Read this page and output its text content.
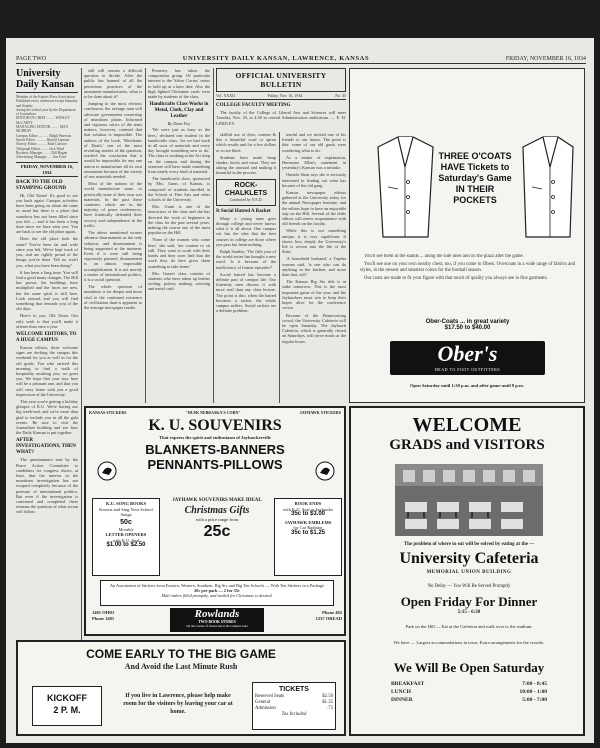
PAGE TWO	UNIVERSITY DAILY KANSAN, LAWRENCE, KANSAS	FRIDAY, NOVEMBER 16, 1934
University Daily Kansan
Member of the Kansas Press Association
Published every afternoon except Saturday and Sunday
during the school year by the Department of Journalism
EDITOR-IN-CHIEF ......... WESLEY McCARTY
MANAGING EDITOR ......... MAX MURRAY
Campus Editor ........... Ralph Paterson
Sports Editor ........... Harold Lamson
Society Editor .......... Ruth Carlson
Telegraph Editor ........ Jack Ward
Business Manager ........ Bill Hagen
Advertising Manager ..... Jim Ford
FRIDAY, NOVEMBER 16, 1934
BACK TO THE OLD STAMPING GROUND
Hi, Old Timer! It's good to see you back again. Campus activities have been going on about the same as usual but there is a place that somehow has not been filled since you left — and it has been a long time since we have seen you. You are back to see the old place again.
Does the old place look the same? You've been far and wide since you left. We've kept track of you, and are rightly proud of the things you've done. Tell us, won't you, what you have been doing?
It has been a long time. You will find a good many changes. The Hill has grown, the buildings have multiplied and the faces are new, but the same spirit is still here. Look around, and you will find something that reminds you of the old days.
Here's to you, Old Timer. Our only wish is that you'll make it oftener than once a year.
WELCOME EDITORS, TO A HUGE CAMPUS
Kansas editors, three welcome signs are decking the campus this weekend for you as well as for the old grads. You who arrived this morning to find a walk of hospitality awaiting you, we greet you. We hope that your stay here will be a pleasant one, and that you will carry home with you a good impression of the University.
This year you're getting a holiday glimpse of K.U. We're having our big week-end, and we're more than glad to include you in all the gala events. Be sure to visit the Journalism building and see how the Daily Kansan is put together.
AFTER INVESTIGATIONS, THEN WHAT?
The questionnaire sent by the Peace Action Committee to candidates for congress shows, at least, that the interest in the munitions investigation has not escaped completely because of the pressure of international politics. But even if the investigation is continued and completed there remains the question of what action will follow.
still will remain a difficult question to decide. After the public has learned of all the pernicious practices of the armament manufacturers, what is to be done about it?
Jumping to the most obvious conclusion, the average man will advocate government ownership of munitions plants. Informed and vigorous critics of the arms makers, however, contend that that solution is impossible. The authors of the book, 'Merchants of Death,' one of the most revealing studies of the question, reached the conclusion that it would be impossible for any one nation to manufacture all its own armaments because of the variety of raw materials needed.
Most of the nations of the world manufacture none, or practically none of their own war materials. In the past these countries, which are in the majority of peace conferences, have frantically defended their secrecy and independence in the traffic.
The above mentioned writers advance disarmament as the only solution, and disarmament is being supported at the moment. Even if it were still being vigorously pursued, disarmament is an almost impossible accomplishment. It is not merely a matter of international politics, it is a social question.
The whole question of munitions is far deeper and more vital to the continued existence of civilization than is apparent to the average newspaper reader.
Pomeroy has taken the composition group. Of particular interest is the 'Silver Cactus' series to hold up at a later date. Also the high lighted Christmas cards were made by students of the class.
Handicrafts Class Works in Metal, Cloth, Clay and Leather
By Dean Fay
'We were just as busy as the bees,' declared one student in the handicrafts class, 'for we had work in all sorts of materials and every day brought something new to do.' The class is working at the Art shop on the campus and during the semester will have made something from nearly every kind of material.
The handicrafts class, sponsored by Mrs. Gunn, of Kansas, is composed of students enrolled in the School of Fine Arts and other schools of the University.
Mrs. Gunn is one of the instructors of the class and she has directed the work of beginners in the class for the past several years, making the course one of the most popular on the Hill.
'None of the women who come here,' she said, 'are content to sit still. They want to work with their hands and they soon find that the work they do here gives them something to take home.'
Mrs. Gunn's class consists of students who have taken up leather tooling, pottery making, weaving and metal craft.
OFFICIAL UNIVERSITY BULLETIN
Vol. XXXII	Friday, Nov. 16, 1934	No. 45
COLLEGE FACULTY MEETING
The faculty of the College of Liberal Arts and Sciences will meet Tuesday, Nov. 20, at 4:30 in central Administration auditorium. — E. H. LINDLEY.
skillful use of dyes, content & this a beautiful scarf or apron which results and for a few dollars or so are liked.
Students have made lamp shades, bowls and vases. They are taking the unusual and making it beautiful in the process.
ROCK-CHALKLETS
Conducted by N.E.D.
It Social Hatred A Racket
Many a young man goes through college and never knows what it is all about. One campus wit has the idea that the best courses in college are those where you pass but learn nothing.
Ralph Stanley: 'The fifth year of the world series has brought a new word. Is it because of the inefficiency of former episodes?'
Social hatred has become a definite part of campus life. Our fraternity men discuss it with more zeal than any class lecture. The point is this: when the hatred becomes a racket, the whole campus suffers. Social rackets are a definite problem.
tearful and we invited one of his friends to our house. The point is this: some of our old grads were wondering what to do.
As a matter of explanation, Hermoine Ellen's statement in yesterday's Kansan was a mistake.
Outside Sinai says she is seriously interested in finding out what has become of the old gang.
Kansas newspaper editors gathered at the University today for the annual Newspaper Institute, and the editors hope to have an enjoyable stay on the Hill. Several of the older editors will renew acquaintance with old friends on the faculty.
While this is not something unique, it is very significant. It shows how deeply the University's life is woven into the life of the State.
'A household husband,' a Topeka woman said, 'is one who can do anything in the kitchen, and more than that, will.'
The Kansas Big Six title is at stake tomorrow. This is the most important game of the year, and the Jayhawkers must win to keep their hopes alive for the conference crown.
Because of the Homecoming crowd, the University Cafeteria will be open Saturday. The Jayhawk Cafeteria, which is generally closed on Saturdays, will serve meals at the regular hours.
THREE O'COATS HAVE Tickets to Saturday's Game IN THEIR POCKETS
You'll see them in the stands ... along the side lines and on the plaza after the game.
You'll see one on your own nearby chest, too, if you come to Obers. Overcoats in a wide range of fabrics and styles, in the newest and smartest colors for the football season.
Our coats are made to fit your figure with that touch of quality you always see in fine garments.
Ober-Coats ... in great variety
$17.50 to $40.00
Ober's
HEAD TO FOOT OUTFITTERS
Open Saturday until 1:30 p.m. and after game until 9 p.m.
KANSAS STICKERS	"HUSK NEBRASKA'S CORN"	JAYHAWK STICKERS
K. U. SOUVENIRS
That express the spirit and enthusiasm of Jayhawkerville
BLANKETS-BANNERS
PENNANTS-PILLOWS
K.U. SONG BOOKS
Known and Sing Your School Songs
50c
Monthly
LETTER OPENERS
with K.U. Seal
$1.00 to $2.50
JAYHAWK SOUVENIRS MAKE IDEAL
Christmas Gifts
with a price range from
25c
BOOK ENDS
with K.U. Seal or Jayhawks
35c to $3.00
JAYHAWK EMBLEMS
for Car Radiator
35c to $1.25
An Assortment of Stickers from Eastern, Western, Southern, Big Six and Big Ten Schools — With Ten Stickers in a Package
20c per pack — 2 for 35c
Mail orders filled promptly, and mailed for Christmas is desired.
1401 OHIO
Phone 1401	Rowlands
TWO BOOK STORES
On the Corner of Oread and at the Campus Gate
Phone 492
1237 OREAD
WELCOME
GRADS and VISITORS
The problem of where to eat will be solved by eating at the —
University Cafeteria
MEMORIAL UNION BUILDING
No Delay — You Will Be Served Promptly
Open Friday For Dinner
5:15 - 6:30
Park on the Hill — Eat at the Cafeteria and walk over to the stadium.
We have — Largest accommodations in town. Extra arrangements for the crowds.
We Will Be Open Saturday
BREAKFAST	7:00 - 8:45
LUNCH	10:00 - 1:00
DINNER	5:00 - 7:00
COME EARLY TO THE BIG GAME
And Avoid the Last Minute Rush
KICKOFF
2 P. M.
If you live in Lawrence, please help make room for the visitors by leaving your car at home.
TICKETS
Reserved Seats	$2.50
General	$1.25
Admission	.75
Tax Included
